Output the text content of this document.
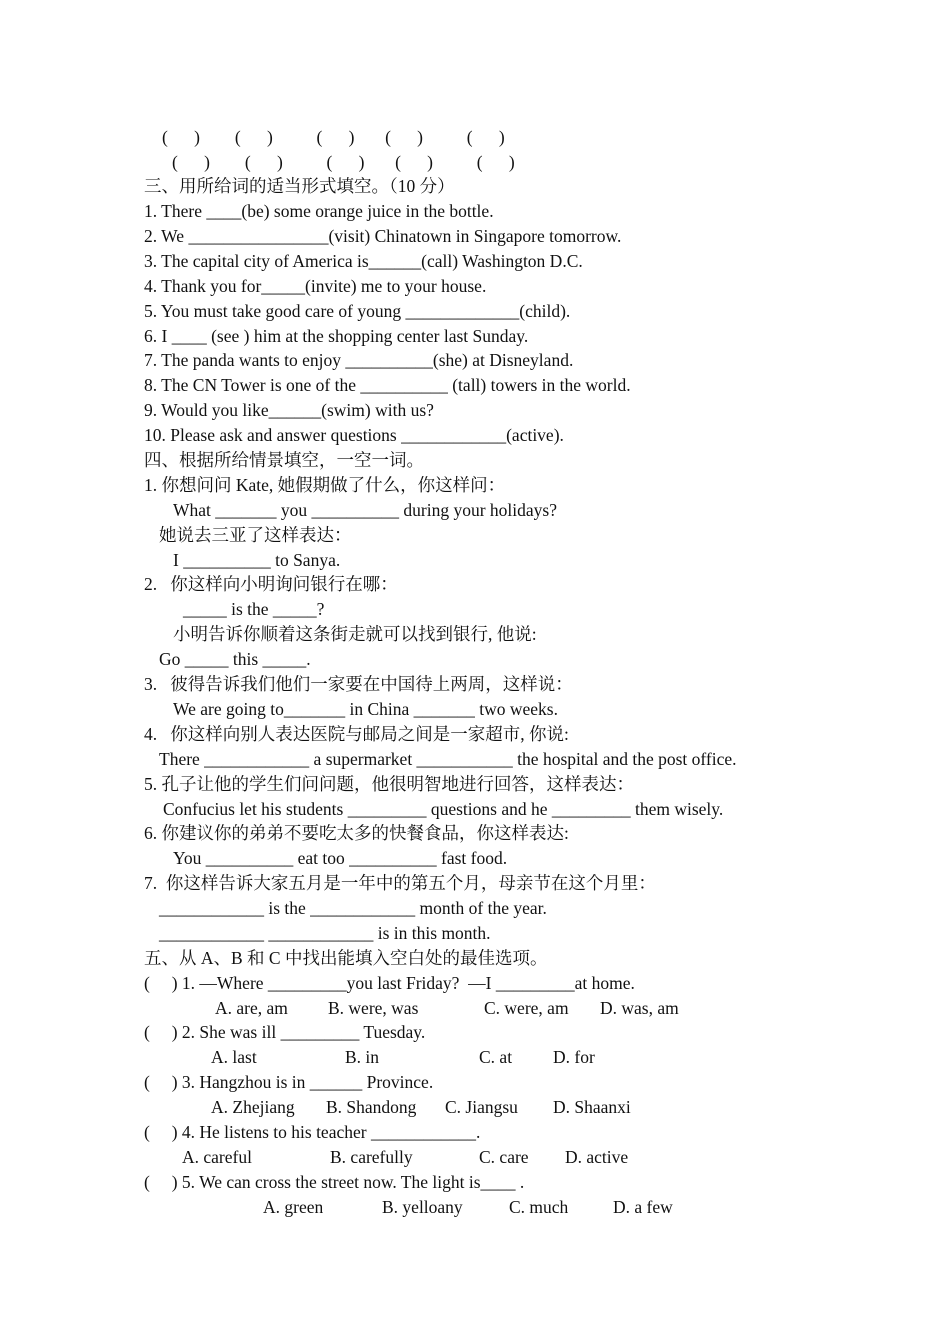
(      )        (      )          (      )       (      )          (      )
(      )        (      )          (      )       (      )          (      )
三、用所给词的适当形式填空。（10 分）
1. There ____(be) some orange juice in the bottle.
2. We ________________(visit) Chinatown in Singapore tomorrow.
3. The capital city of America is______(call) Washington D.C.
4. Thank you for_____(invite) me to your house.
5. You must take good care of young _____________(child).
6. I ____ (see ) him at the shopping center last Sunday.
7. The panda wants to enjoy __________(she) at Disneyland.
8. The CN Tower is one of the __________ (tall) towers in the world.
9. Would you like______(swim) with us?
10. Please ask and answer questions ____________(active).
四、根据所给情景填空，一空一词。
1. 你想问问 Kate, 她假期做了什么，你这样问：
What _______ you __________ during your holidays?
她说去三亚了这样表达：
I __________ to Sanya.
2.   你这样向小明询问银行在哪：
_____ is the _____?
小明告诉你顺着这条街走就可以找到银行, 他说:
Go _____ this _____.
3.   彼得告诉我们他们一家要在中国待上两周，这样说：
We are going to_______ in China _______ two weeks.
4.   你这样向别人表达医院与邮局之间是一家超市, 你说:
There ____________ a supermarket ___________ the hospital and the post office.
5. 孔子让他的学生们问问题，他很明智地进行回答，这样表达：
Confucius let his students _________ questions and he _________ them wisely.
6. 你建议你的弟弟不要吃太多的快餐食品，你这样表达:
You __________ eat too __________ fast food.
7.  你这样告诉大家五月是一年中的第五个月，母亲节在这个月里：
____________ is the ____________ month of the year.
____________ ____________ is in this month.
五、从 A、B 和 C 中找出能填入空白处的最佳选项。
(     ) 1. —Where _________you last Friday?  —I _________at home.
A. are, am B. were, was	C. were, am D. was, am
(     ) 2. She was ill _________ Tuesday.
A. last	B. in	C. at D. for
(     ) 3. Hangzhou is in ______ Province.
A. Zhejiang B. Shandong C. Jiangsu D. Shaanxi
(     ) 4. He listens to his teacher ____________.
A. careful	B. carefully	C. care D. active
(     ) 5. We can cross the street now. The light is____ .
A. green	B. yelloany	C. much	D. a few
